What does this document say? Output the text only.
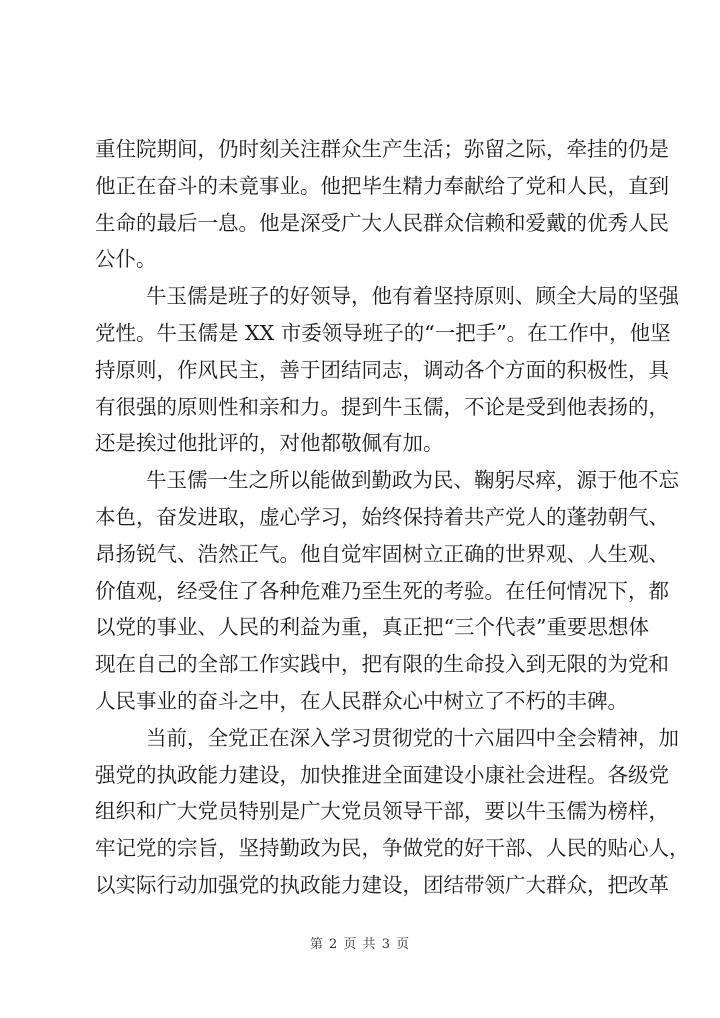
重住院期间，仍时刻关注群众生产生活；弥留之际，牵挂的仍是
他正在奋斗的未竟事业。他把毕生精力奉献给了党和人民，直到
生命的最后一息。他是深受广大人民群众信赖和爱戴的优秀人民
公仆。
牛玉儒是班子的好领导，他有着坚持原则、顾全大局的坚强
党性。牛玉儒是 XX 市委领导班子的“一把手”。在工作中，他坚
持原则，作风民主，善于团结同志，调动各个方面的积极性，具
有很强的原则性和亲和力。提到牛玉儒，不论是受到他表扬的，
还是挨过他批评的，对他都敬佩有加。
牛玉儒一生之所以能做到勤政为民、鞠躬尽瘁，源于他不忘
本色，奋发进取，虚心学习，始终保持着共产党人的蓬勃朝气、
昂扬锐气、浩然正气。他自觉牢固树立正确的世界观、人生观、
价值观，经受住了各种危难乃至生死的考验。在任何情况下，都
以党的事业、人民的利益为重，真正把“三个代表”重要思想体
现在自己的全部工作实践中，把有限的生命投入到无限的为党和
人民事业的奋斗之中，在人民群众心中树立了不朽的丰碑。
当前，全党正在深入学习贯彻党的十六届四中全会精神，加
强党的执政能力建设，加快推进全面建设小康社会进程。各级党
组织和广大党员特别是广大党员领导干部，要以牛玉儒为榜样，
牢记党的宗旨，坚持勤政为民，争做党的好干部、人民的贴心人，
以实际行动加强党的执政能力建设，团结带领广大群众，把改革
第 2 页 共 3 页
